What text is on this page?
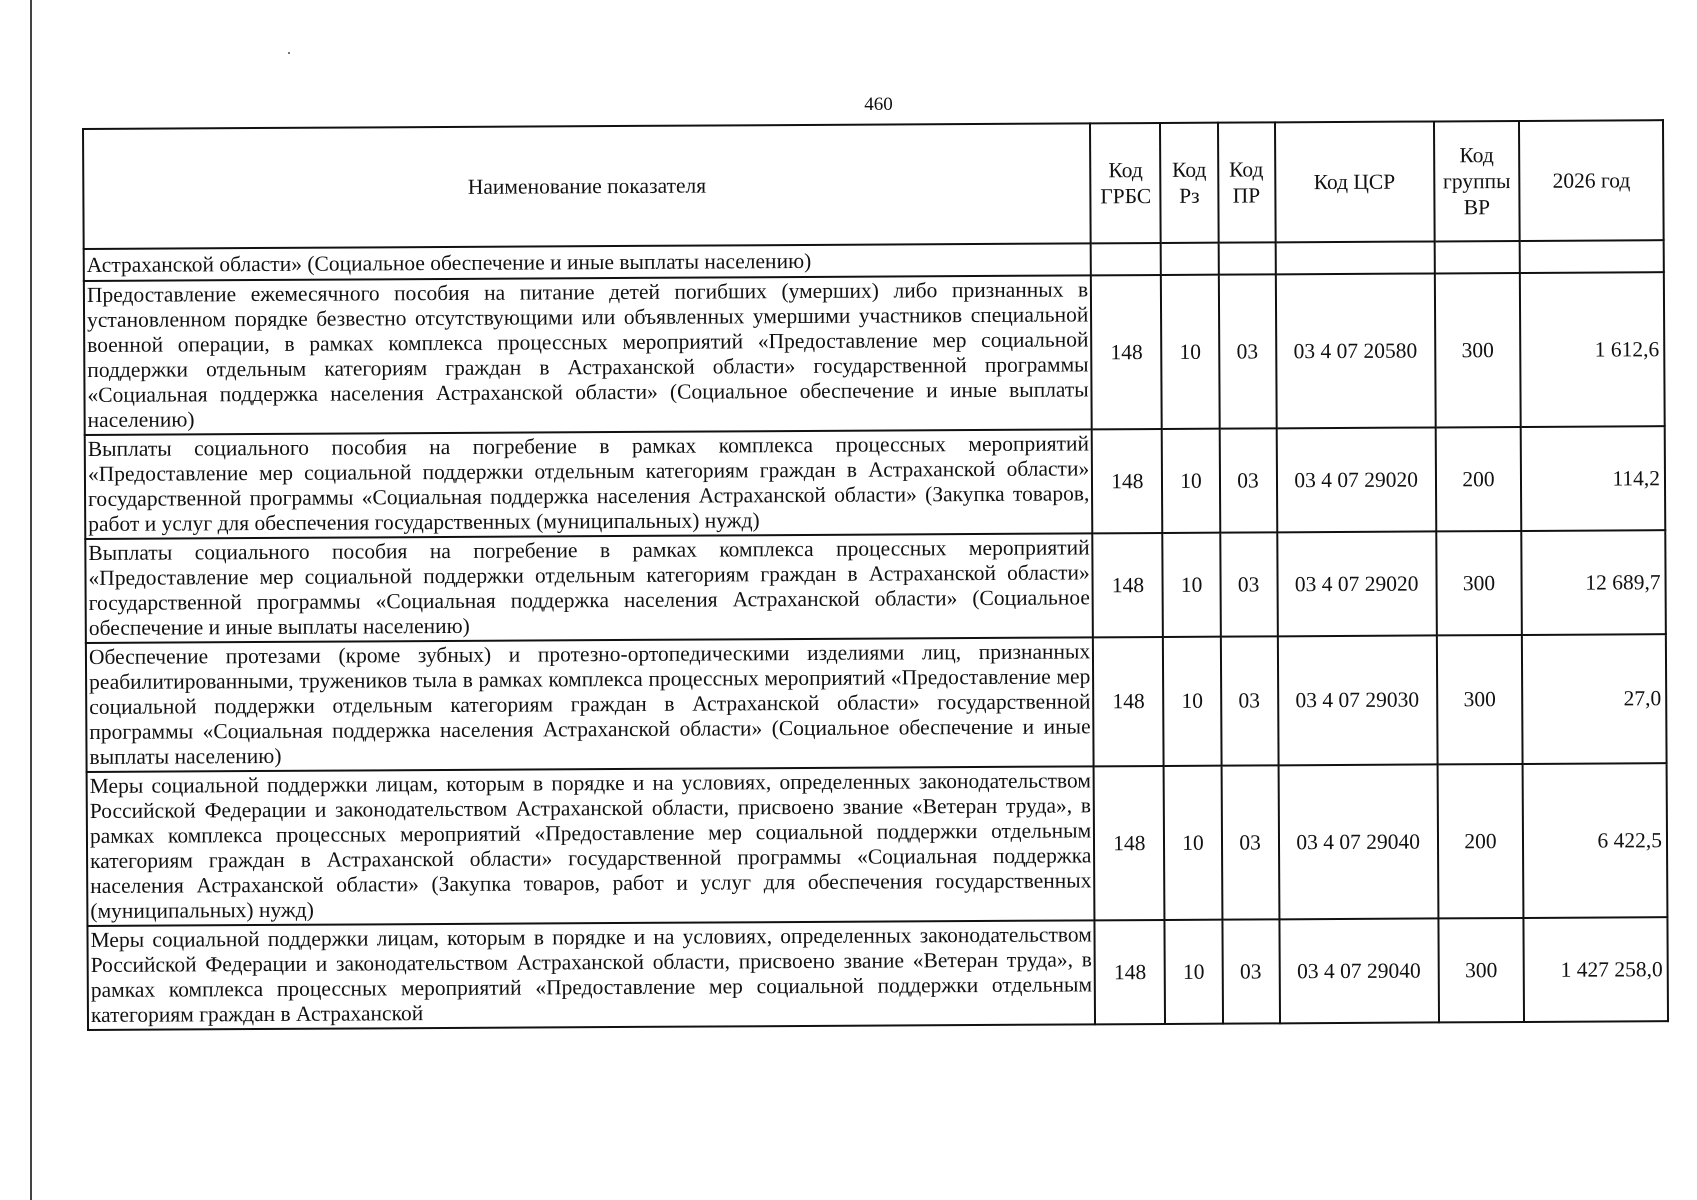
460
Наименование показателя	Код ГРБС	Код Рз	Код ПР	Код ЦСР	Код группы ВР	2026 год
Астраханской области» (Социальное обеспечение и иные выплаты населению)						
Предоставление ежемесячного пособия на питание детей погибших (умерших) либо признанных в установленном порядке безвестно отсутствующими или объявленных умершими участников специальной военной операции, в рамках комплекса процессных мероприятий «Предоставление мер социальной поддержки отдельным категориям граждан в Астраханской области» государственной программы «Социальная поддержка населения Астраханской области» (Социальное обеспечение и иные выплаты населению)	148	10	03	03 4 07 20580	300	1 612,6
Выплаты социального пособия на погребение в рамках комплекса процессных мероприятий «Предоставление мер социальной поддержки отдельным категориям граждан в Астраханской области» государственной программы «Социальная поддержка населения Астраханской области» (Закупка товаров, работ и услуг для обеспечения государственных (муниципальных) нужд)	148	10	03	03 4 07 29020	200	114,2
Выплаты социального пособия на погребение в рамках комплекса процессных мероприятий «Предоставление мер социальной поддержки отдельным категориям граждан в Астраханской области» государственной программы «Социальная поддержка населения Астраханской области» (Социальное обеспечение и иные выплаты населению)	148	10	03	03 4 07 29020	300	12 689,7
Обеспечение протезами (кроме зубных) и протезно-ортопедическими изделиями лиц, признанных реабилитированными, тружеников тыла в рамках комплекса процессных мероприятий «Предоставление мер социальной поддержки отдельным категориям граждан в Астраханской области» государственной программы «Социальная поддержка населения Астраханской области» (Социальное обеспечение и иные выплаты населению)	148	10	03	03 4 07 29030	300	27,0
Меры социальной поддержки лицам, которым в порядке и на условиях, определенных законодательством Российской Федерации и законодательством Астраханской области, присвоено звание «Ветеран труда», в рамках комплекса процессных мероприятий «Предоставление мер социальной поддержки отдельным категориям граждан в Астраханской области» государственной программы «Социальная поддержка населения Астраханской области» (Закупка товаров, работ и услуг для обеспечения государственных (муниципальных) нужд)	148	10	03	03 4 07 29040	200	6 422,5
Меры социальной поддержки лицам, которым в порядке и на условиях, определенных законодательством Российской Федерации и законодательством Астраханской области, присвоено звание «Ветеран труда», в рамках комплекса процессных мероприятий «Предоставление мер социальной поддержки отдельным категориям граждан в Астраханской	148	10	03	03 4 07 29040	300	1 427 258,0
